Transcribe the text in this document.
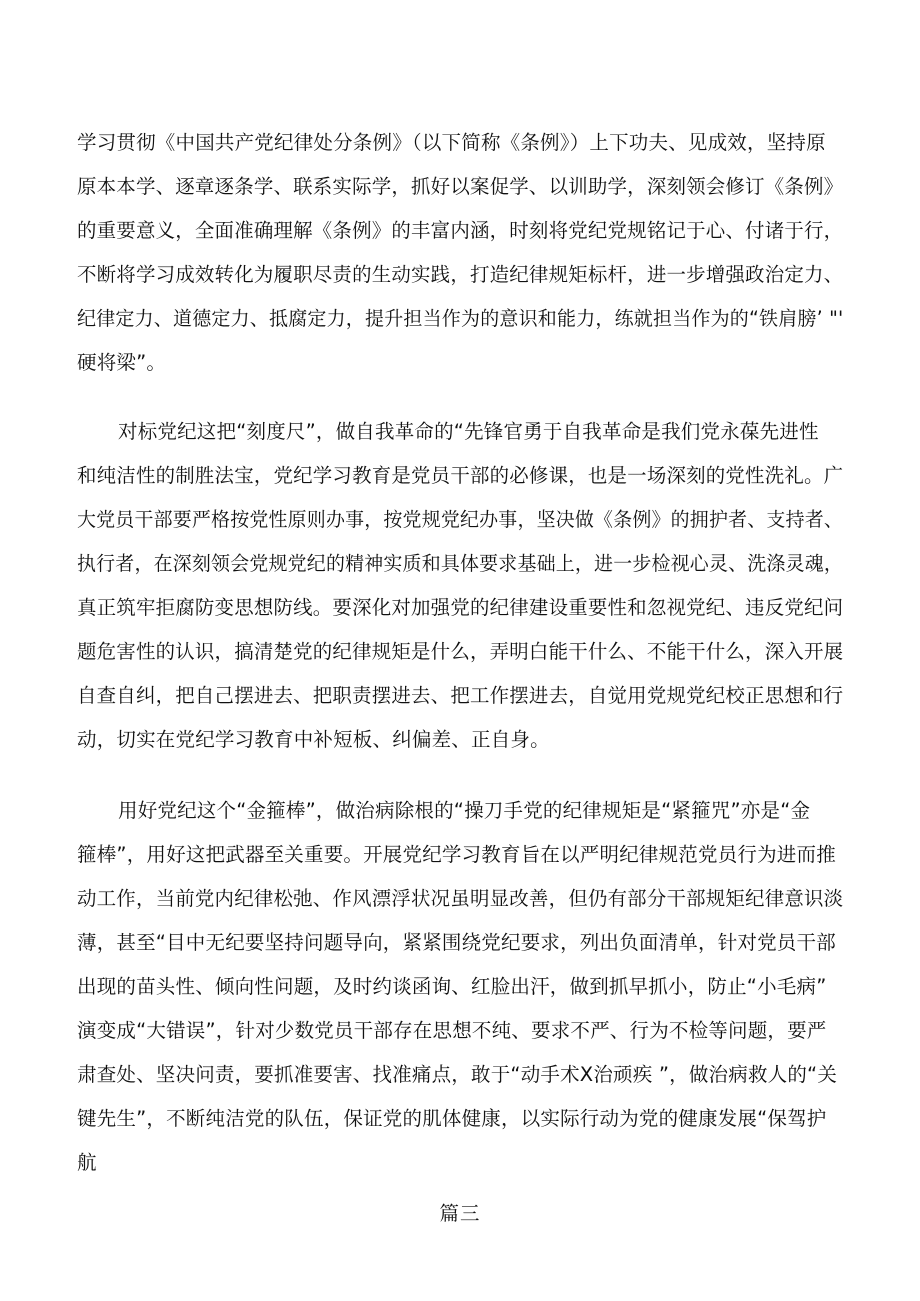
学习贯彻《中国共产党纪律处分条例》（以下简称《条例》）上下功夫、见成效，坚持原
原本本学、逐章逐条学、联系实际学，抓好以案促学、以训助学，深刻领会修订《条例》
的重要意义，全面准确理解《条例》的丰富内涵，时刻将党纪党规铭记于心、付诸于行，
不断将学习成效转化为履职尽责的生动实践，打造纪律规矩标杆，进一步增强政治定力、
纪律定力、道德定力、抵腐定力，提升担当作为的意识和能力，练就担当作为的“铁肩膀’ "'
硬将梁”。
对标党纪这把“刻度尺”，做自我革命的“先锋官勇于自我革命是我们党永葆先进性
和纯洁性的制胜法宝，党纪学习教育是党员干部的必修课，也是一场深刻的党性洗礼。广
大党员干部要严格按党性原则办事，按党规党纪办事，坚决做《条例》的拥护者、支持者、
执行者，在深刻领会党规党纪的精神实质和具体要求基础上，进一步检视心灵、洗涤灵魂，
真正筑牢拒腐防变思想防线。要深化对加强党的纪律建设重要性和忽视党纪、违反党纪问
题危害性的认识，搞清楚党的纪律规矩是什么，弄明白能干什么、不能干什么，深入开展
自查自纠，把自己摆进去、把职责摆进去、把工作摆进去，自觉用党规党纪校正思想和行
动，切实在党纪学习教育中补短板、纠偏差、正自身。
用好党纪这个“金箍棒”，做治病除根的“操刀手党的纪律规矩是“紧箍咒”亦是“金
箍棒”，用好这把武器至关重要。开展党纪学习教育旨在以严明纪律规范党员行为进而推
动工作，当前党内纪律松弛、作风漂浮状况虽明显改善，但仍有部分干部规矩纪律意识淡
薄，甚至“目中无纪要坚持问题导向，紧紧围绕党纪要求，列出负面清单，针对党员干部
出现的苗头性、倾向性问题，及时约谈函询、红脸出汗，做到抓早抓小，防止“小毛病”
演变成“大错误”，针对少数党员干部存在思想不纯、要求不严、行为不检等问题，要严
肃查处、坚决问责，要抓准要害、找准痛点，敢于“动手术X治顽疾 ”，做治病救人的“关
键先生”，不断纯洁党的队伍，保证党的肌体健康，以实际行动为党的健康发展“保驾护
航
篇三
